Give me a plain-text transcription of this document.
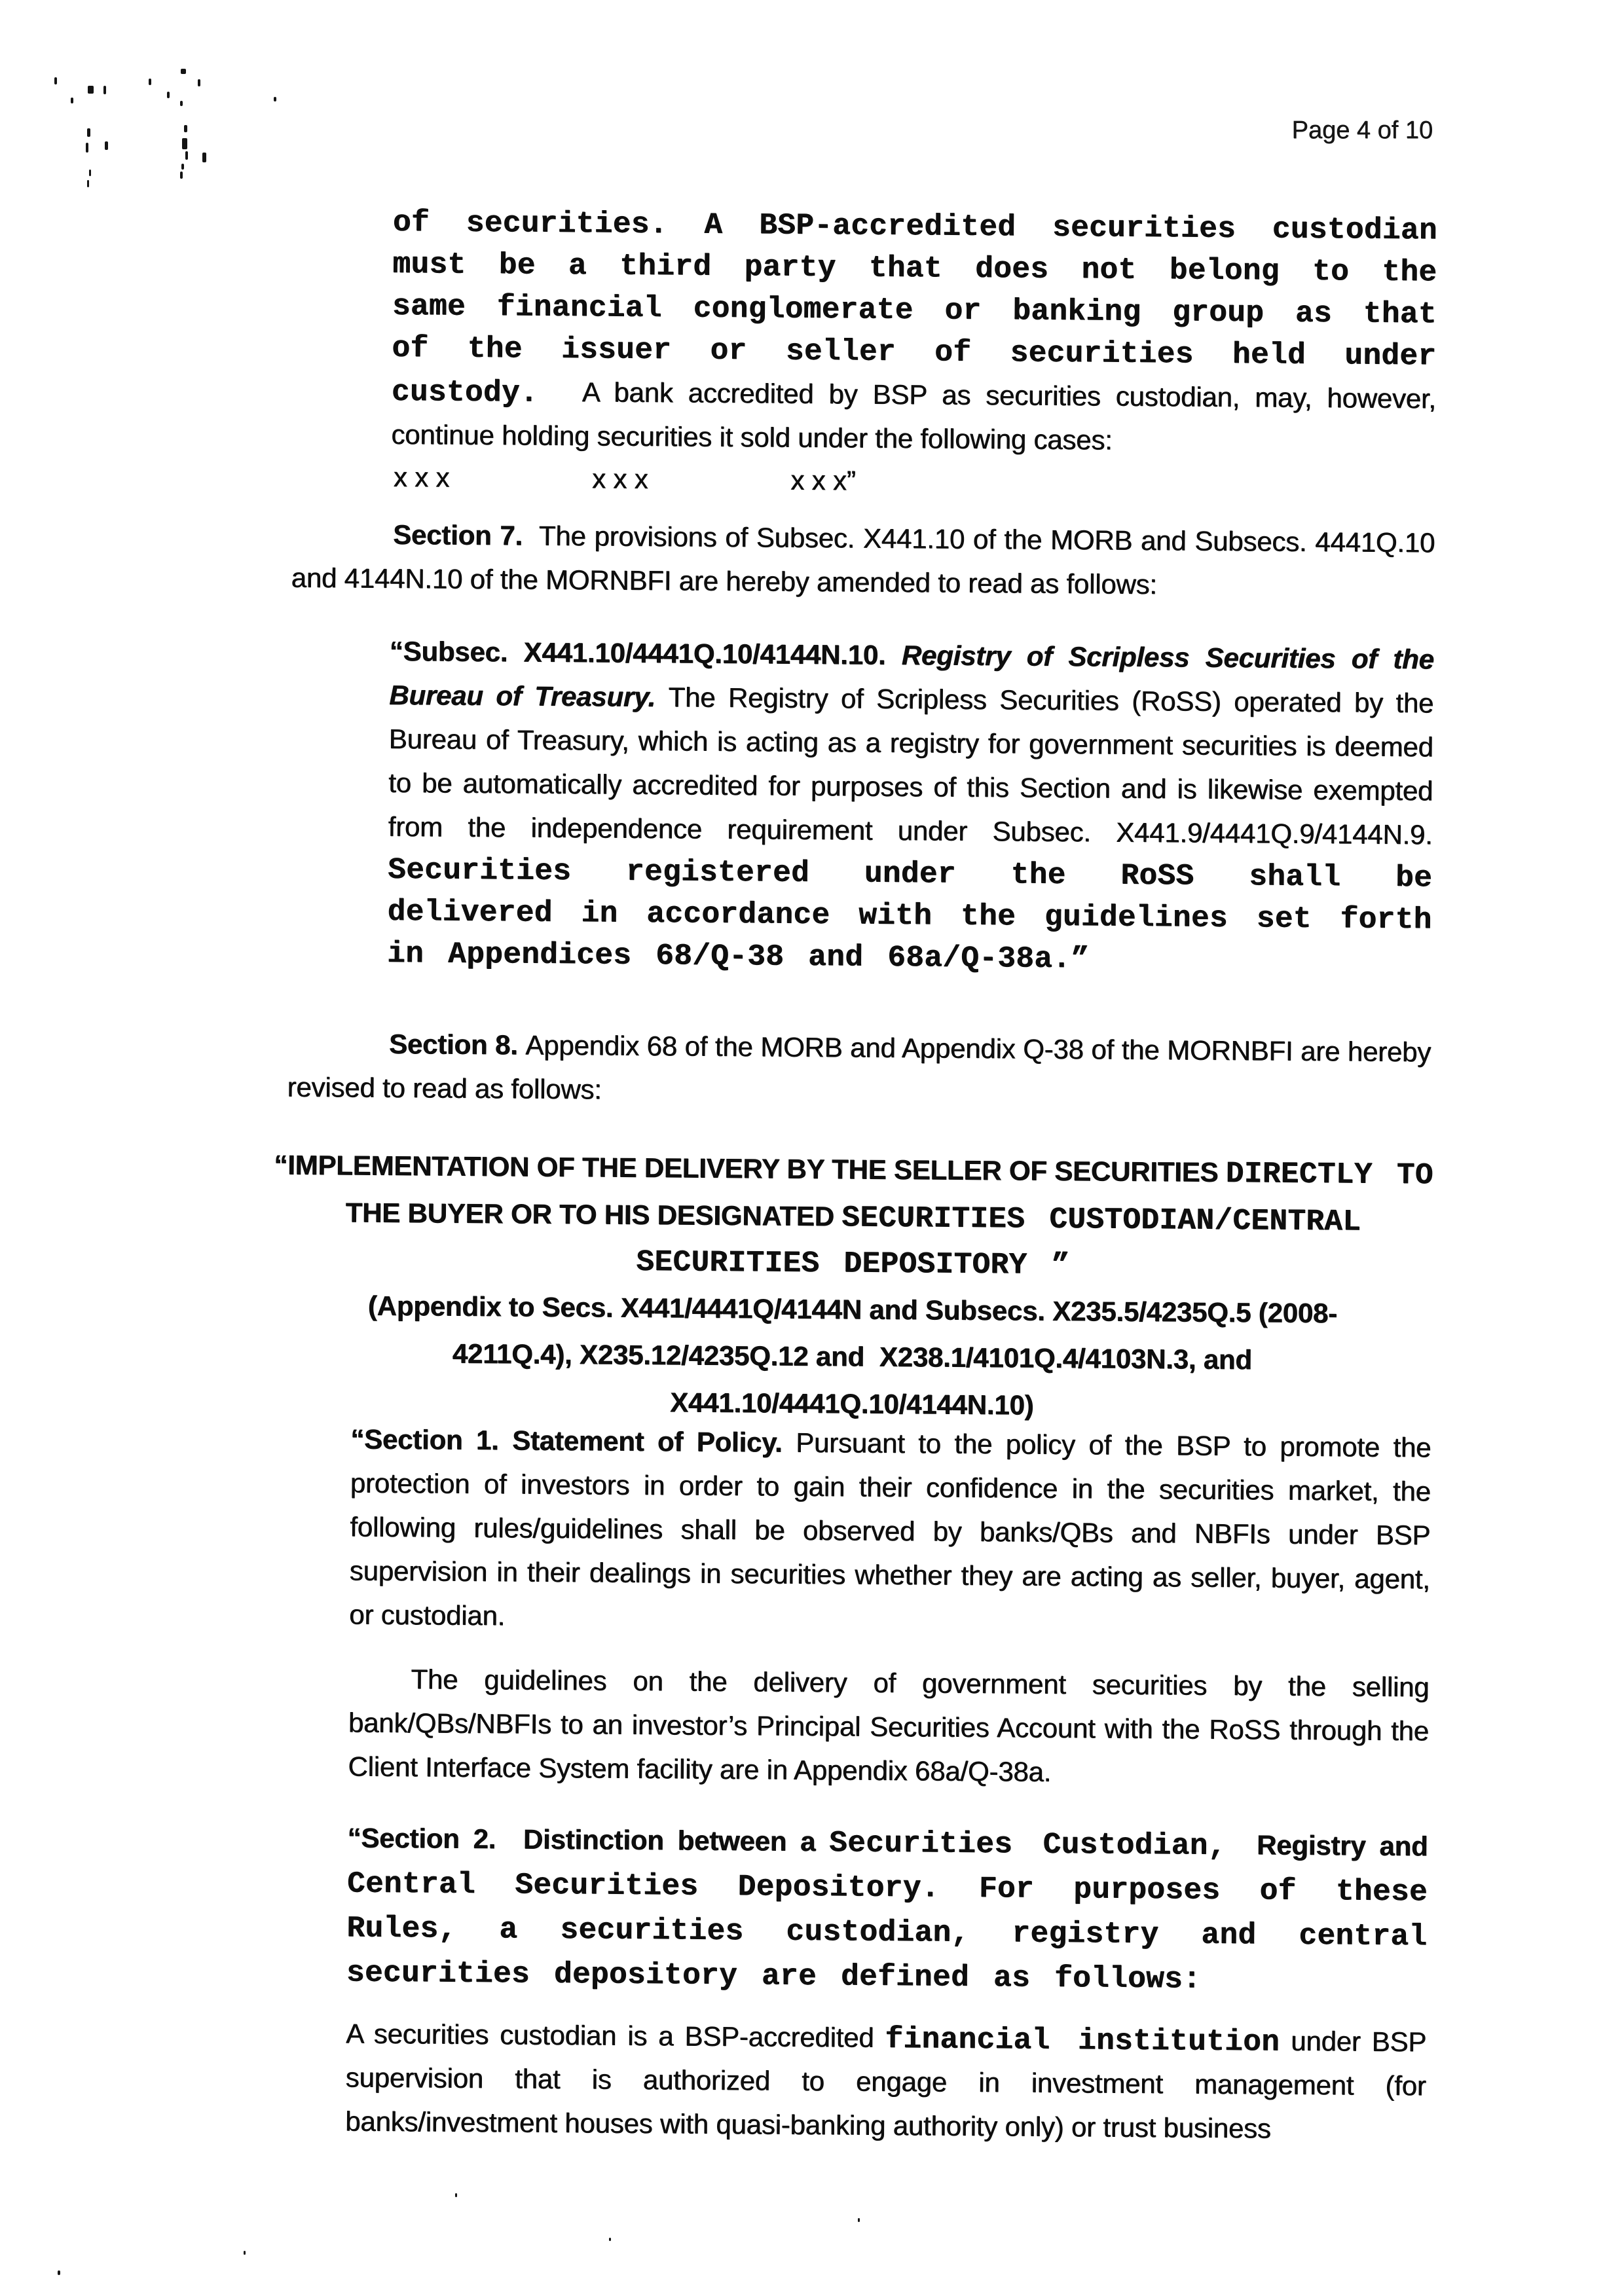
Page 4 of 10
of securities. A BSP-accredited securities custodian must be a third party that does not belong to the same financial conglomerate or banking group as that of the issuer or seller of securities held under custody.   A bank accredited by BSP as securities custodian, may, however, continue holding securities it sold under the following cases:
x x x                   x x x                   x x x”
Section 7.  The provisions of Subsec. X441.10 of the MORB and Subsecs. 4441Q.10 and 4144N.10 of the MORNBFI are hereby amended to read as follows:
“Subsec. X441.10/4441Q.10/4144N.10. Registry of Scripless Securities of the Bureau of Treasury. The Registry of Scripless Securities (RoSS) operated by the Bureau of Treasury, which is acting as a registry for government securities is deemed to be automatically accredited for purposes of this Section and is likewise exempted from the independence requirement under Subsec. X441.9/4441Q.9/4144N.9. Securities registered under the RoSS shall be delivered in accordance with the guidelines set forth in Appendices 68/Q-38 and 68a/Q-38a.”
Section 8. Appendix 68 of the MORB and Appendix Q-38 of the MORNBFI are hereby revised to read as follows:
“IMPLEMENTATION OF THE DELIVERY BY THE SELLER OF SECURITIES DIRECTLY TO
THE BUYER OR TO HIS DESIGNATED SECURITIES CUSTODIAN/CENTRAL
SECURITIES DEPOSITORY ”
(Appendix to Secs. X441/4441Q/4144N and Subsecs. X235.5/4235Q.5 (2008-
4211Q.4), X235.12/4235Q.12 and  X238.1/4101Q.4/4103N.3, and
X441.10/4441Q.10/4144N.10)
“Section 1. Statement of Policy. Pursuant to the policy of the BSP to promote the protection of investors in order to gain their confidence in the securities market, the following rules/guidelines shall be observed by banks/QBs and NBFIs under BSP supervision in their dealings in securities whether they are acting as seller, buyer, agent, or custodian.
The guidelines on the delivery of government securities by the selling bank/QBs/NBFIs to an investor’s Principal Securities Account with the RoSS through the Client Interface System facility are in Appendix 68a/Q-38a.
“Section 2.  Distinction between a Securities Custodian, Registry and Central Securities Depository. For purposes of these Rules, a securities custodian, registry and central securities depository are defined as follows:
A securities custodian is a BSP-accredited financial institution under BSP supervision that is authorized to engage in investment management (for banks/investment houses with quasi-banking authority only) or trust business
